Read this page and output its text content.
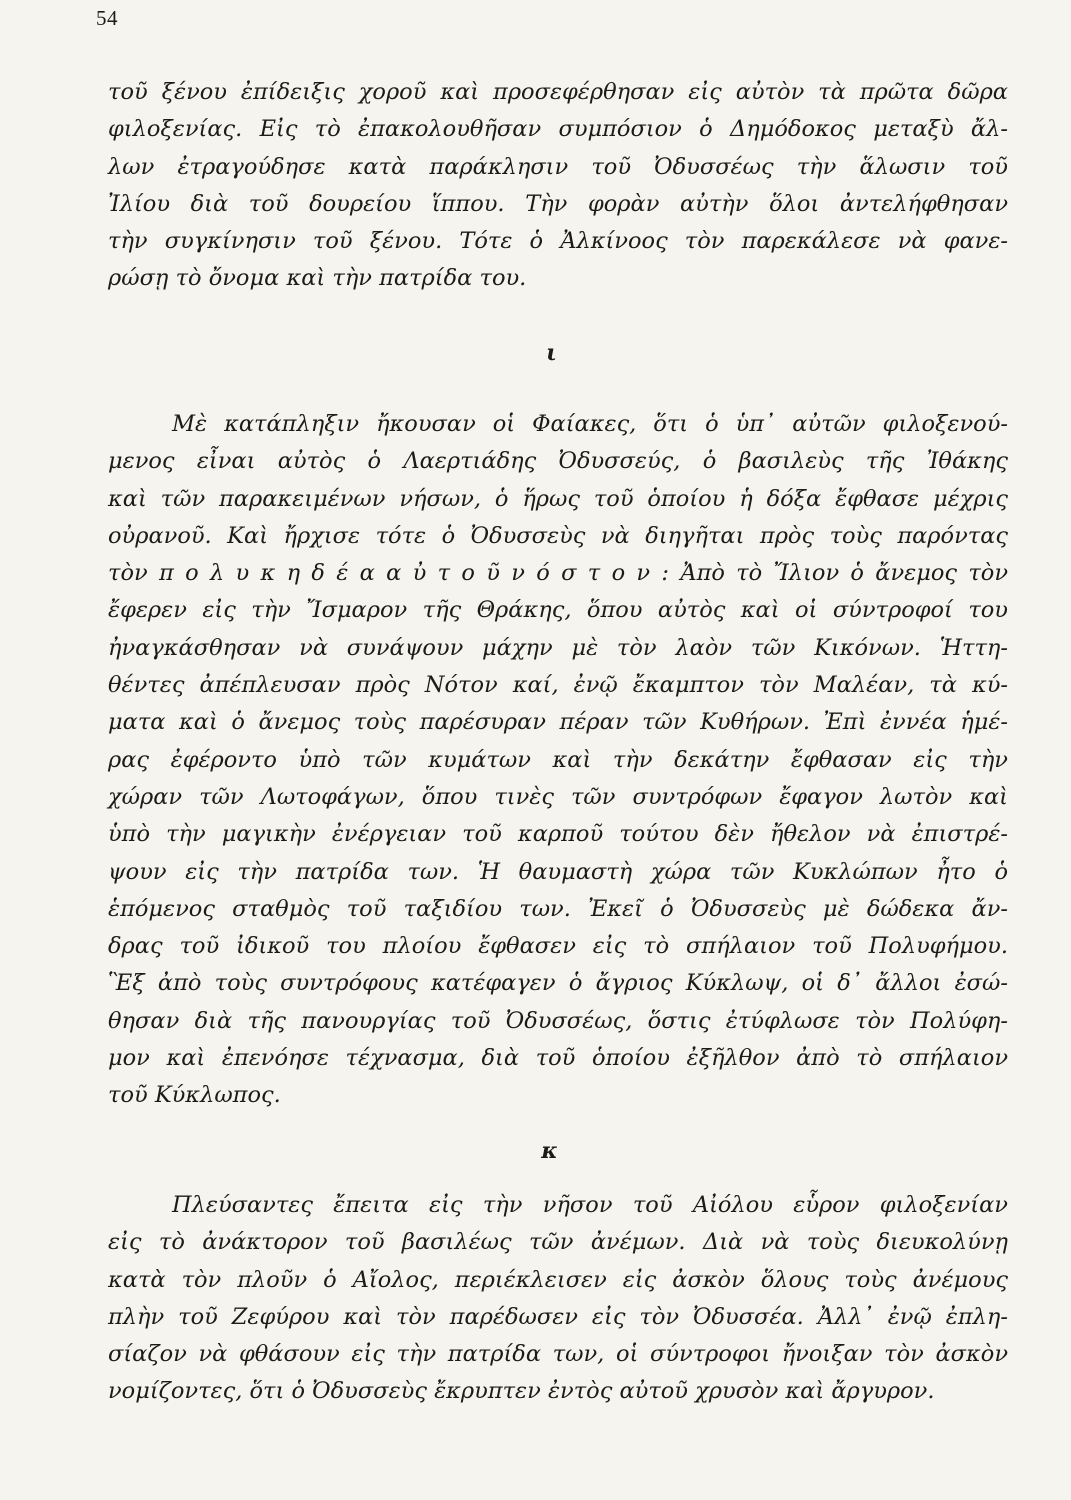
54
τοῦ ξένου ἐπίδειξις χοροῦ καὶ προσεφέρθησαν εἰς αὐτὸν τὰ πρῶτα δῶρα
φιλοξενίας. Εἰς τὸ ἐπακολουθῆσαν συμπόσιον ὁ Δημόδοκος μεταξὺ ἄλ-
λων ἐτραγούδησε κατὰ παράκλησιν τοῦ Ὀδυσσέως τὴν ἅλωσιν τοῦ
Ἰλίου διὰ τοῦ δουρείου ἵππου. Τὴν φορὰν αὐτὴν ὅλοι ἀντελήφθησαν
τὴν συγκίνησιν τοῦ ξένου. Τότε ὁ Ἀλκίνοος τὸν παρεκάλεσε νὰ φανε-
ρώσῃ τὸ ὄνομα καὶ τὴν πατρίδα του.
ι
Μὲ κατάπληξιν ἤκουσαν οἱ Φαίακες, ὅτι ὁ ὑπ᾽ αὐτῶν φιλοξενού-
μενος εἶναι αὐτὸς ὁ Λαερτιάδης Ὀδυσσεύς, ὁ βασιλεὺς τῆς Ἰθάκης
καὶ τῶν παρακειμένων νήσων, ὁ ἥρως τοῦ ὁποίου ἡ δόξα ἔφθασε μέχρις
οὐρανοῦ. Καὶ ἤρχισε τότε ὁ Ὀδυσσεὺς νὰ διηγῆται πρὸς τοὺς παρόντας
τὸν π ο λ υ κ η δ έ α α ὐ τ ο ῦ ν ό σ τ ο ν : Ἀπὸ τὸ Ἴλιον ὁ ἄνεμος τὸν
ἔφερεν εἰς τὴν Ἴσμαρον τῆς Θράκης, ὅπου αὐτὸς καὶ οἱ σύντροφοί του
ἠναγκάσθησαν νὰ συνάψουν μάχην μὲ τὸν λαὸν τῶν Κικόνων. Ἡττη-
θέντες ἀπέπλευσαν πρὸς Νότον καί, ἐνῷ ἔκαμπτον τὸν Μαλέαν, τὰ κύ-
ματα καὶ ὁ ἄνεμος τοὺς παρέσυραν πέραν τῶν Κυθήρων. Ἐπὶ ἐννέα ἡμέ-
ρας ἐφέροντο ὑπὸ τῶν κυμάτων καὶ τὴν δεκάτην ἔφθασαν εἰς τὴν
χώραν τῶν Λωτοφάγων, ὅπου τινὲς τῶν συντρόφων ἔφαγον λωτὸν καὶ
ὑπὸ τὴν μαγικὴν ἐνέργειαν τοῦ καρποῦ τούτου δὲν ἤθελον νὰ ἐπιστρέ-
ψουν εἰς τὴν πατρίδα των. Ἡ θαυμαστὴ χώρα τῶν Κυκλώπων ἦτο ὁ
ἑπόμενος σταθμὸς τοῦ ταξιδίου των. Ἐκεῖ ὁ Ὀδυσσεὺς μὲ δώδεκα ἄν-
δρας τοῦ ἰδικοῦ του πλοίου ἔφθασεν εἰς τὸ σπήλαιον τοῦ Πολυφήμου.
Ἓξ ἀπὸ τοὺς συντρόφους κατέφαγεν ὁ ἄγριος Κύκλωψ, οἱ δ᾽ ἄλλοι ἐσώ-
θησαν διὰ τῆς πανουργίας τοῦ Ὀδυσσέως, ὅστις ἐτύφλωσε τὸν Πολύφη-
μον καὶ ἐπενόησε τέχνασμα, διὰ τοῦ ὁποίου ἐξῆλθον ἀπὸ τὸ σπήλαιον
τοῦ Κύκλωπος.
κ
Πλεύσαντες ἔπειτα εἰς τὴν νῆσον τοῦ Αἰόλου εὗρον φιλοξενίαν
εἰς τὸ ἀνάκτορον τοῦ βασιλέως τῶν ἀνέμων. Διὰ νὰ τοὺς διευκολύνῃ
κατὰ τὸν πλοῦν ὁ Αἴολος, περιέκλεισεν εἰς ἀσκὸν ὅλους τοὺς ἀνέμους
πλὴν τοῦ Ζεφύρου καὶ τὸν παρέδωσεν εἰς τὸν Ὀδυσσέα. Ἀλλ᾽ ἐνῷ ἐπλη-
σίαζον νὰ φθάσουν εἰς τὴν πατρίδα των, οἱ σύντροφοι ἤνοιξαν τὸν ἀσκὸν
νομίζοντες, ὅτι ὁ Ὀδυσσεὺς ἔκρυπτεν ἐντὸς αὐτοῦ χρυσὸν καὶ ἄργυρον.
